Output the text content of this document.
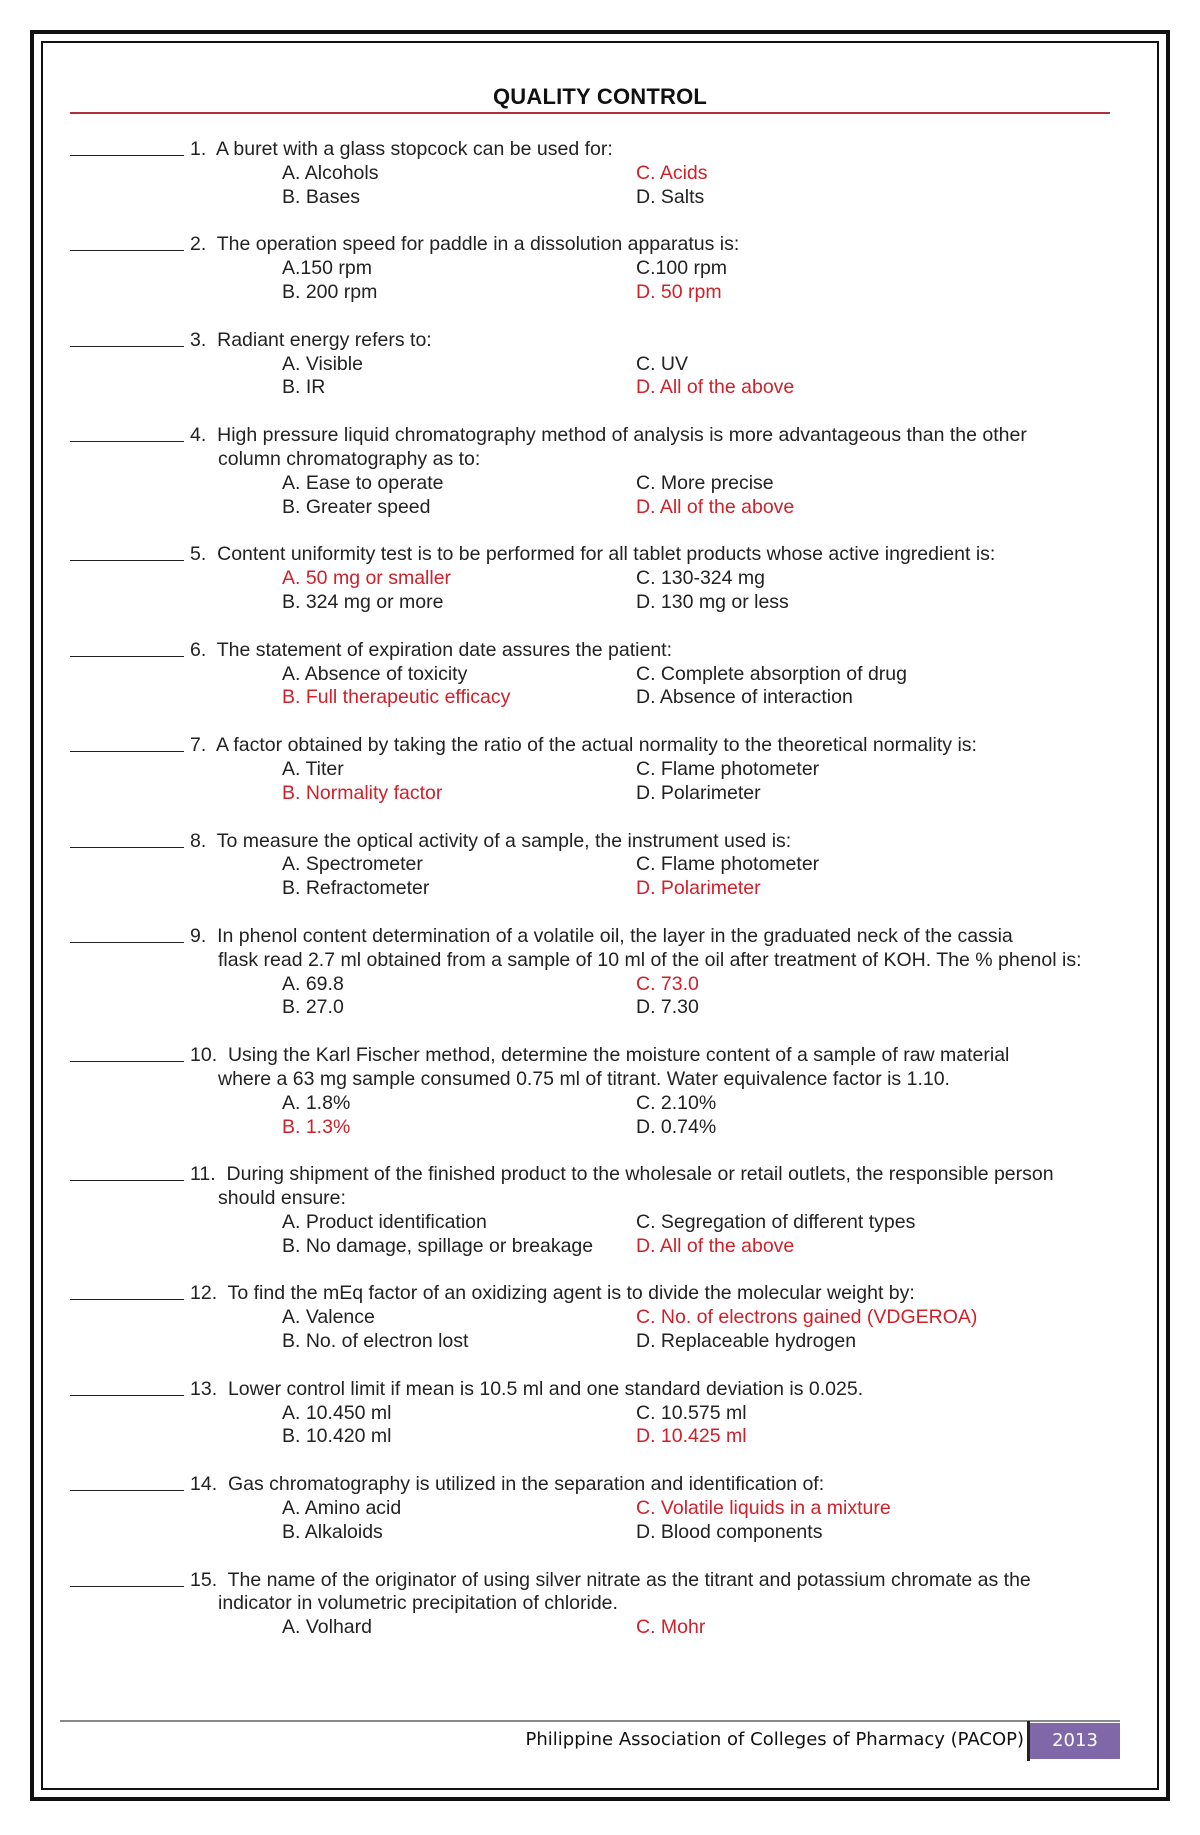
QUALITY CONTROL
1. A buret with a glass stopcock can be used for:
A. Alcohols	C. Acids
B. Bases	D. Salts
2. The operation speed for paddle in a dissolution apparatus is:
A.150 rpm	C.100 rpm
B. 200 rpm	D. 50 rpm
3. Radiant energy refers to:
A. Visible	C. UV
B. IR	D. All of the above
4. High pressure liquid chromatography method of analysis is more advantageous than the other
column chromatography as to:
A. Ease to operate	C. More precise
B. Greater speed	D. All of the above
5. Content uniformity test is to be performed for all tablet products whose active ingredient is:
A. 50 mg or smaller	C. 130-324 mg
B. 324 mg or more	D. 130 mg or less
6. The statement of expiration date assures the patient:
A. Absence of toxicity	C. Complete absorption of drug
B. Full therapeutic efficacy	D. Absence of interaction
7. A factor obtained by taking the ratio of the actual normality to the theoretical normality is:
A. Titer	C. Flame photometer
B. Normality factor	D. Polarimeter
8. To measure the optical activity of a sample, the instrument used is:
A. Spectrometer	C. Flame photometer
B. Refractometer	D. Polarimeter
9. In phenol content determination of a volatile oil, the layer in the graduated neck of the cassia
flask read 2.7 ml obtained from a sample of 10 ml of the oil after treatment of KOH. The % phenol is:
A. 69.8	C. 73.0
B. 27.0	D. 7.30
10. Using the Karl Fischer method, determine the moisture content of a sample of raw material
where a 63 mg sample consumed 0.75 ml of titrant. Water equivalence factor is 1.10.
A. 1.8%	C. 2.10%
B. 1.3%	D. 0.74%
11. During shipment of the finished product to the wholesale or retail outlets, the responsible person
should ensure:
A. Product identification	C. Segregation of different types
B. No damage, spillage or breakage	D. All of the above
12. To find the mEq factor of an oxidizing agent is to divide the molecular weight by:
A. Valence	C. No. of electrons gained (VDGEROA)
B. No. of electron lost	D. Replaceable hydrogen
13. Lower control limit if mean is 10.5 ml and one standard deviation is 0.025.
A. 10.450 ml	C. 10.575 ml
B. 10.420 ml	D. 10.425 ml
14. Gas chromatography is utilized in the separation and identification of:
A. Amino acid	C. Volatile liquids in a mixture
B. Alkaloids	D. Blood components
15. The name of the originator of using silver nitrate as the titrant and potassium chromate as the
indicator in volumetric precipitation of chloride.
A. Volhard	C. Mohr
Philippine Association of Colleges of Pharmacy (PACOP)	2013
